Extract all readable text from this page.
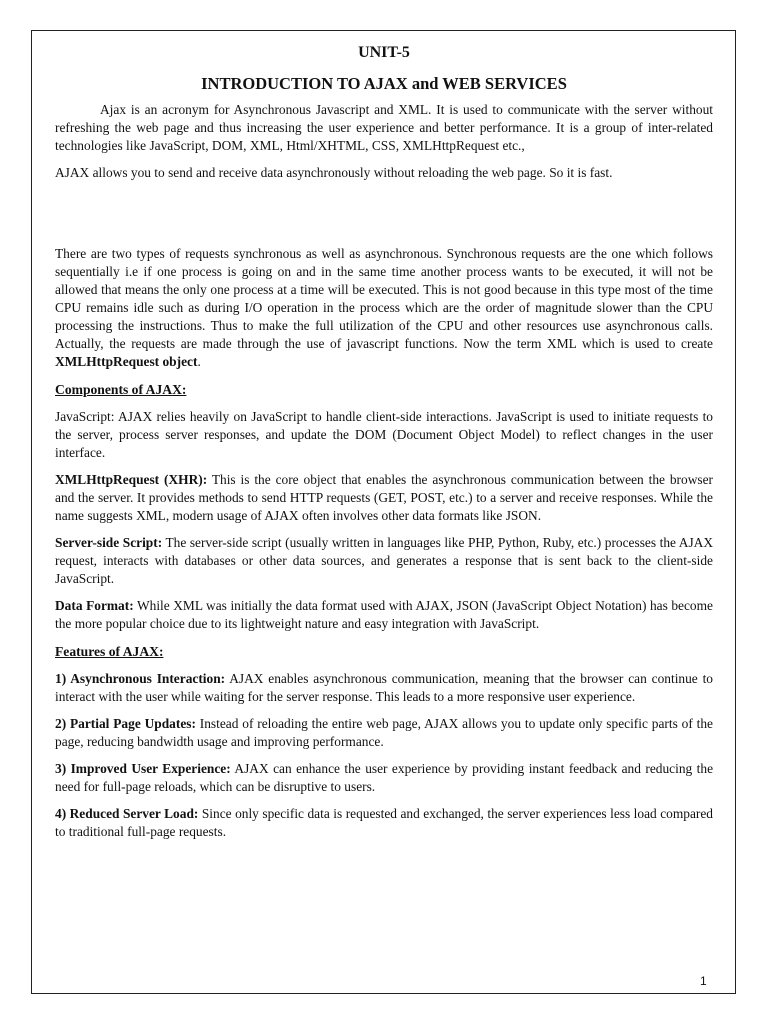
UNIT-5
INTRODUCTION TO AJAX and WEB SERVICES

Ajax is an acronym for Asynchronous Javascript and XML. It is used to communicate with the server without refreshing the web page and thus increasing the user experience and better performance. It is a group of inter-related technologies like JavaScript, DOM, XML, Html/XHTML, CSS, XMLHttpRequest etc.,

AJAX allows you to send and receive data asynchronously without reloading the web page. So it is fast.

There are two types of requests synchronous as well as asynchronous. Synchronous requests are the one which follows sequentially i.e if one process is going on and in the same time another process wants to be executed, it will not be allowed that means the only one process at a time will be executed. This is not good because in this type most of the time CPU remains idle such as during I/O operation in the process which are the order of magnitude slower than the CPU processing the instructions. Thus to make the full utilization of the CPU and other resources use asynchronous calls. Actually, the requests are made through the use of javascript functions. Now the term XML which is used to create XMLHttpRequest object.

Components of AJAX:

JavaScript: AJAX relies heavily on JavaScript to handle client-side interactions. JavaScript is used to initiate requests to the server, process server responses, and update the DOM (Document Object Model) to reflect changes in the user interface.

XMLHttpRequest (XHR): This is the core object that enables the asynchronous communication between the browser and the server. It provides methods to send HTTP requests (GET, POST, etc.) to a server and receive responses. While the name suggests XML, modern usage of AJAX often involves other data formats like JSON.

Server-side Script: The server-side script (usually written in languages like PHP, Python, Ruby, etc.) processes the AJAX request, interacts with databases or other data sources, and generates a response that is sent back to the client-side JavaScript.

Data Format: While XML was initially the data format used with AJAX, JSON (JavaScript Object Notation) has become the more popular choice due to its lightweight nature and easy integration with JavaScript.

Features of AJAX:

1) Asynchronous Interaction: AJAX enables asynchronous communication, meaning that the browser can continue to interact with the user while waiting for the server response. This leads to a more responsive user experience.

2) Partial Page Updates: Instead of reloading the entire web page, AJAX allows you to update only specific parts of the page, reducing bandwidth usage and improving performance.

3) Improved User Experience: AJAX can enhance the user experience by providing instant feedback and reducing the need for full-page reloads, which can be disruptive to users.

4) Reduced Server Load: Since only specific data is requested and exchanged, the server experiences less load compared to traditional full-page requests.

1
